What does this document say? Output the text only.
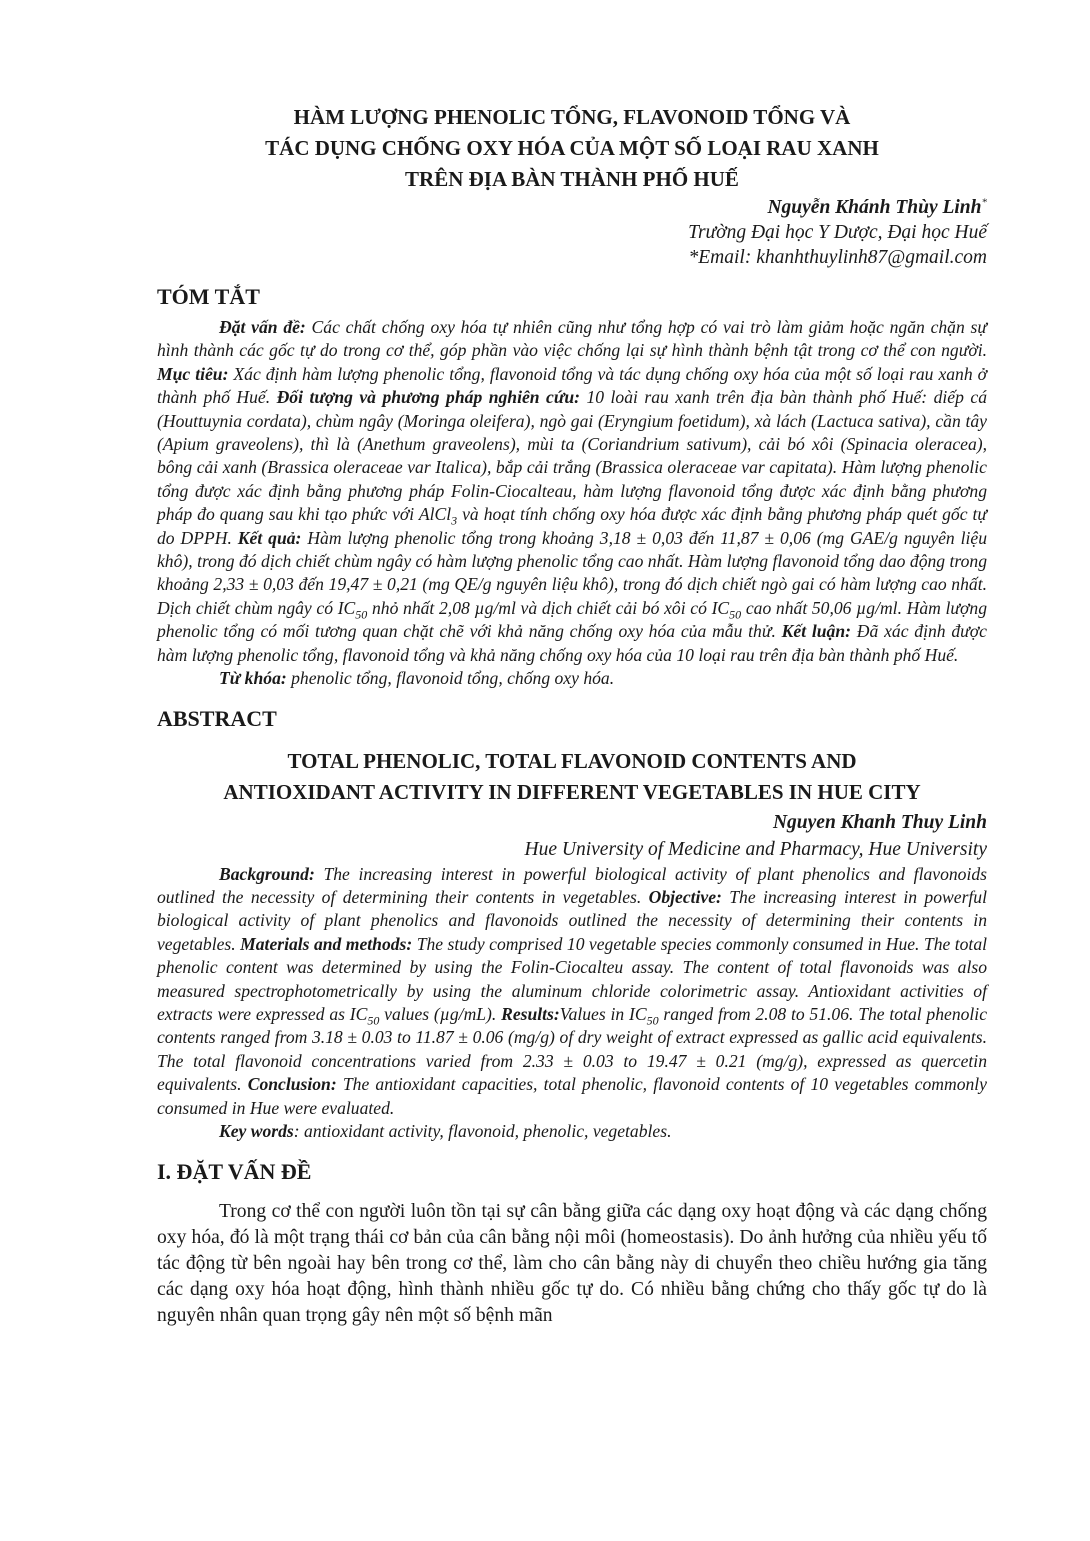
HÀM LƯỢNG PHENOLIC TỔNG, FLAVONOID TỔNG VÀ

TÁC DỤNG CHỐNG OXY HÓA CỦA MỘT SỐ LOẠI RAU XANH

TRÊN ĐỊA BÀN THÀNH PHỐ HUẾ

Nguyễn Khánh Thùy Linh*
Trường Đại học Y Dược, Đại học Huế
*Email: khanhthuylinh87@gmail.com
TÓM TẮT

Đặt vấn đề: Các chất chống oxy hóa tự nhiên cũng như tổng hợp có vai trò làm giảm hoặc ngăn chặn sự hình thành các gốc tự do trong cơ thể, góp phần vào việc chống lại sự hình thành bệnh tật trong cơ thể con người. Mục tiêu: Xác định hàm lượng phenolic tổng, flavonoid tổng và tác dụng chống oxy hóa của một số loại rau xanh ở thành phố Huế. Đối tượng và phương pháp nghiên cứu: 10 loài rau xanh trên địa bàn thành phố Huế: diếp cá (Houttuynia cordata), chùm ngây (Moringa oleifera), ngò gai (Eryngium foetidum), xà lách (Lactuca sativa), cần tây (Apium graveolens), thì là (Anethum graveolens), mùi ta (Coriandrium sativum), cải bó xôi (Spinacia oleracea), bông cải xanh (Brassica oleraceae var Italica), bắp cải trắng (Brassica oleraceae var capitata). Hàm lượng phenolic tổng được xác định bằng phương pháp Folin-Ciocalteau, hàm lượng flavonoid tổng được xác định bằng phương pháp đo quang sau khi tạo phức với AlCl$_3$ và hoạt tính chống oxy hóa được xác định bằng phương pháp quét gốc tự do DPPH. Kết quả: Hàm lượng phenolic tổng trong khoảng 3,18 ± 0,03 đến 11,87 ± 0,06 (mg GAE/g nguyên liệu khô), trong đó dịch chiết chùm ngây có hàm lượng phenolic tổng cao nhất. Hàm lượng flavonoid tổng dao động trong khoảng 2,33 ± 0,03 đến 19,47 ± 0,21 (mg QE/g nguyên liệu khô), trong đó dịch chiết ngò gai có hàm lượng cao nhất. Dịch chiết chùm ngây có $IC_{50}$ nhỏ nhất 2,08 µg/ml và dịch chiết cải bó xôi có $IC_{50}$ cao nhất 50,06 µg/ml. Hàm lượng phenolic tổng có mối tương quan chặt chẽ với khả năng chống oxy hóa của mẫu thử. Kết luận: Đã xác định được hàm lượng phenolic tổng, flavonoid tổng và khả năng chống oxy hóa của 10 loại rau trên địa bàn thành phố Huế.

Từ khóa: phenolic tổng, flavonoid tổng, chống oxy hóa.

ABSTRACT

TOTAL PHENOLIC, TOTAL FLAVONOID CONTENTS AND

ANTIOXIDANT ACTIVITY IN DIFFERENT VEGETABLES IN HUE CITY

Nguyen Khanh Thuy Linh
Hue University of Medicine and Pharmacy, Hue University

Background: The increasing interest in powerful biological activity of plant phenolics and flavonoids outlined the necessity of determining their contents in vegetables. Objective: The increasing interest in powerful biological activity of plant phenolics and flavonoids outlined the necessity of determining their contents in vegetables. Materials and methods: The study comprised 10 vegetable species commonly consumed in Hue. The total phenolic content was determined by using the Folin-Ciocalteu assay. The content of total flavonoids was also measured spectrophotometrically by using the aluminum chloride colorimetric assay. Antioxidant activities of extracts were expressed as $IC_{50}$ values (µg/mL). Results:Values in $IC_{50}$ ranged from 2.08 to 51.06. The total phenolic contents ranged from 3.18 ± 0.03 to 11.87 ± 0.06 (mg/g) of dry weight of extract expressed as gallic acid equivalents. The total flavonoid concentrations varied from 2.33 ± 0.03 to 19.47 ± 0.21 (mg/g), expressed as quercetin equivalents. Conclusion: The antioxidant capacities, total phenolic, flavonoid contents of 10 vegetables commonly consumed in Hue were evaluated.

Key words: antioxidant activity, flavonoid, phenolic, vegetables.

I. ĐẶT VẤN ĐỀ

Trong cơ thể con người luôn tồn tại sự cân bằng giữa các dạng oxy hoạt động và các dạng chống oxy hóa, đó là một trạng thái cơ bản của cân bằng nội môi (homeostasis). Do ảnh hưởng của nhiều yếu tố tác động từ bên ngoài hay bên trong cơ thể, làm cho cân bằng này di chuyển theo chiều hướng gia tăng các dạng oxy hóa hoạt động, hình thành nhiều gốc tự do. Có nhiều bằng chứng cho thấy gốc tự do là nguyên nhân quan trọng gây nên một số bệnh mãn
